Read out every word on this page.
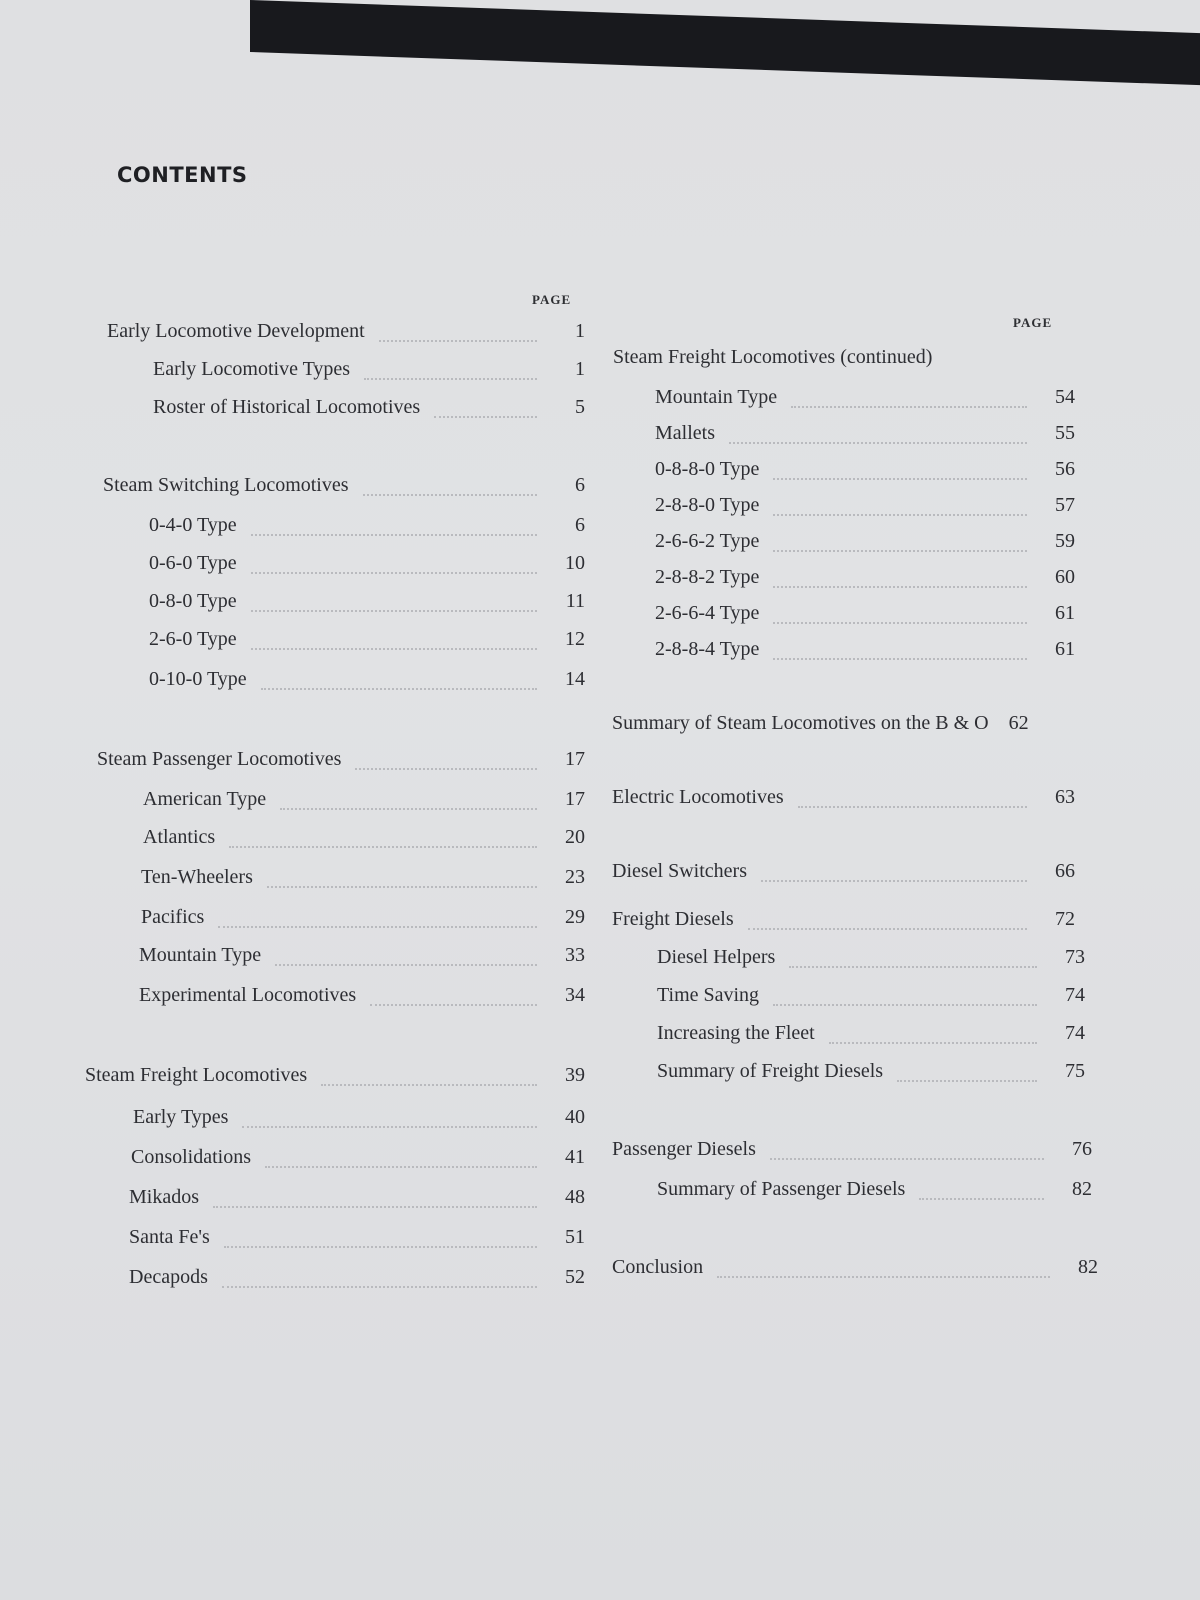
CONTENTS
PAGE
Early Locomotive Development	1
Early Locomotive Types	1
Roster of Historical Locomotives	5
Steam Switching Locomotives	6
0-4-0 Type	6
0-6-0 Type	10
0-8-0 Type	11
2-6-0 Type	12
0-10-0 Type	14
Steam Passenger Locomotives	17
American Type	17
Atlantics	20
Ten-Wheelers	23
Pacifics	29
Mountain Type	33
Experimental Locomotives	34
Steam Freight Locomotives	39
Early Types	40
Consolidations	41
Mikados	48
Santa Fe's	51
Decapods	52
PAGE
Steam Freight Locomotives (continued)
Mountain Type	54
Mallets	55
0-8-8-0 Type	56
2-8-8-0 Type	57
2-6-6-2 Type	59
2-8-8-2 Type	60
2-6-6-4 Type	61
2-8-8-4 Type	61
Summary of Steam Locomotives on the B & O	62
Electric Locomotives	63
Diesel Switchers	66
Freight Diesels	72
Diesel Helpers	73
Time Saving	74
Increasing the Fleet	74
Summary of Freight Diesels	75
Passenger Diesels	76
Summary of Passenger Diesels	82
Conclusion	82
